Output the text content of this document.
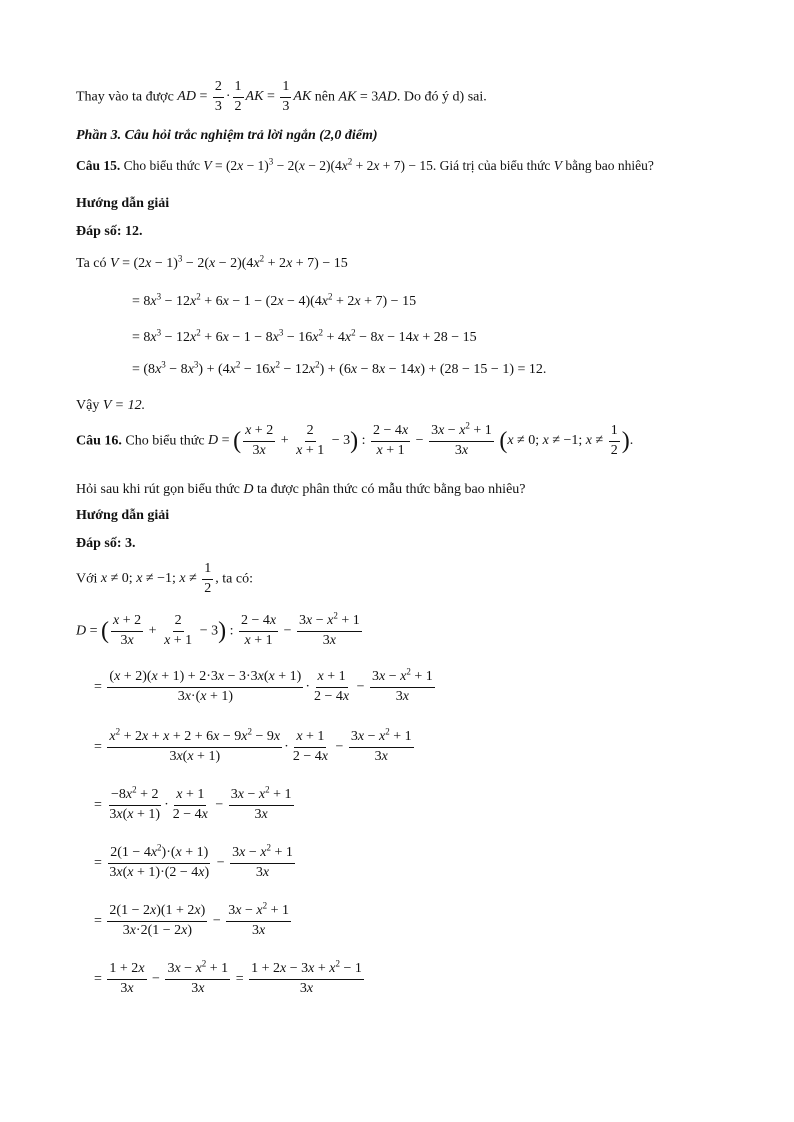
Thay vào ta được AD = $\frac{2}{3} \cdot \frac{1}{2}$ AK = $\frac{1}{3}$ AK nên AK = 3AD. Do đó ý d) sai.
Phần 3. Câu hỏi trắc nghiệm trả lời ngắn (2,0 điểm)
Câu 15. Cho biểu thức $V = (2x - 1)^3 - 2(x - 2)(4x^2 + 2x + 7) - 15$. Giá trị của biểu thức V bằng bao nhiêu?
Hướng dẫn giải
Đáp số: 12.
Ta có $V = (2x - 1)^3 - 2(x - 2)(4x^2 + 2x + 7) - 15$
= $8x^3 - 12x^2 + 6x - 1 - (2x - 4)(4x^2 + 2x + 7) - 15$
= $8x^3 - 12x^2 + 6x - 1 - 8x^3 - 16x^2 + 4x^2 - 8x - 14x + 28 - 15$
= $(8x^3 - 8x^3) + (4x^2 - 16x^2 - 12x^2) + (6x - 8x - 14x) + (28 - 15 - 1) = 12$.
Vậy V = 12.
Câu 16. Cho biểu thức D = ( $\frac{x + 2}{3x} + \frac{2}{x + 1} - 3$) : $\frac{2 - 4x}{x + 1} - \frac{3x - x^2 + 1}{3x} (x \ne 0$; x ≠ −1; $x \ne \frac{1}{2}$ ).
Hỏi sau khi rút gọn biểu thức D ta được phân thức có mẫu thức bằng bao nhiêu?
Hướng dẫn giải
Đáp số: 3.
Với x ≠ 0; x ≠ −1; $x \ne \frac{1}{2}$ , ta có:
D = ( $\frac{x + 2}{3x} + \frac{2}{x + 1} - 3$) : $\frac{2 - 4x}{x + 1} - \frac{3x - x^2 + 1}{3x}$
= $\frac{(x + 2)(x + 1) + 2\cdot 3x - 3\cdot 3x(x + 1)}{3x\cdot(x + 1)} \cdot \frac{x + 1}{2 - 4x} - \frac{3x - x^2 + 1}{3x}$
= $\frac{x^2 + 2x + x + 2 + 6x - 9x^2 - 9x}{3x(x + 1)} \cdot \frac{x + 1}{2 - 4x} - \frac{3x - x^2 + 1}{3x}$
= $\frac{-8x^2 + 2}{3x(x + 1)} \cdot \frac{x + 1}{2 - 4x} - \frac{3x - x^2 + 1}{3x}$
= $\frac{2(1 - 4x^2)\cdot(x + 1)}{3x(x + 1)\cdot(2 - 4x)} - \frac{3x - x^2 + 1}{3x}$
= $\frac{2(1 - 2x)(1 + 2x)}{3x\cdot 2(1 - 2x)} - \frac{3x - x^2 + 1}{3x}$
= $\frac{1 + 2x}{3x} - \frac{3x - x^2 + 1}{3x} = \frac{1 + 2x - 3x + x^2 - 1}{3x}$
